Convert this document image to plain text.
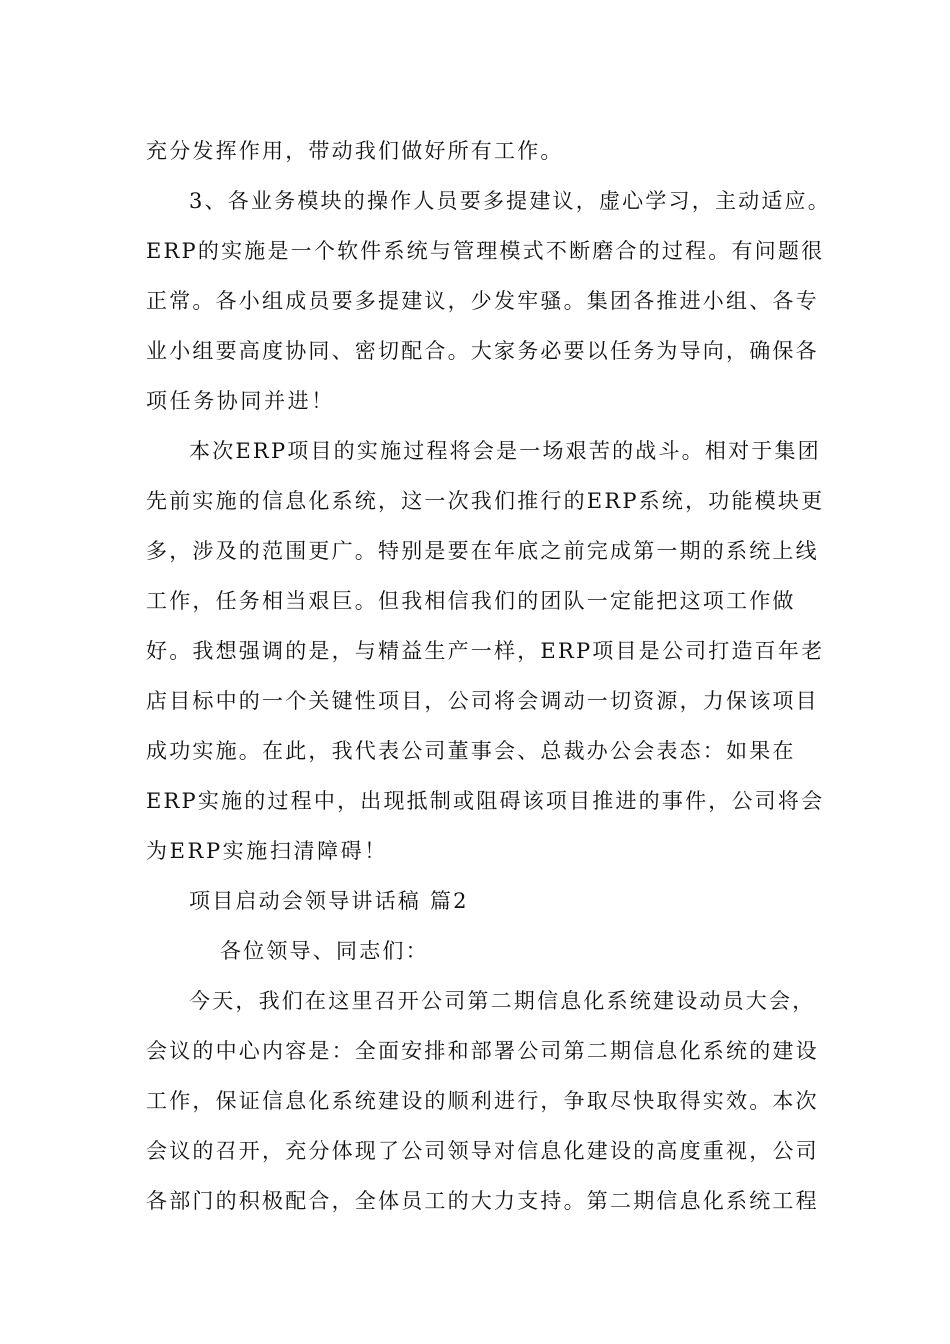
充分发挥作用，带动我们做好所有工作。
3、各业务模块的操作人员要多提建议，虚心学习，主动适应。
ERP的实施是一个软件系统与管理模式不断磨合的过程。有问题很
正常。各小组成员要多提建议，少发牢骚。集团各推进小组、各专
业小组要高度协同、密切配合。大家务必要以任务为导向，确保各
项任务协同并进！
本次ERP项目的实施过程将会是一场艰苦的战斗。相对于集团
先前实施的信息化系统，这一次我们推行的ERP系统，功能模块更
多，涉及的范围更广。特别是要在年底之前完成第一期的系统上线
工作，任务相当艰巨。但我相信我们的团队一定能把这项工作做
好。我想强调的是，与精益生产一样，ERP项目是公司打造百年老
店目标中的一个关键性项目，公司将会调动一切资源，力保该项目
成功实施。在此，我代表公司董事会、总裁办公会表态：如果在
ERP实施的过程中，出现抵制或阻碍该项目推进的事件，公司将会
为ERP实施扫清障碍！
项目启动会领导讲话稿 篇2
各位领导、同志们：
今天，我们在这里召开公司第二期信息化系统建设动员大会，
会议的中心内容是：全面安排和部署公司第二期信息化系统的建设
工作，保证信息化系统建设的顺利进行，争取尽快取得实效。本次
会议的召开，充分体现了公司领导对信息化建设的高度重视，公司
各部门的积极配合，全体员工的大力支持。第二期信息化系统工程
